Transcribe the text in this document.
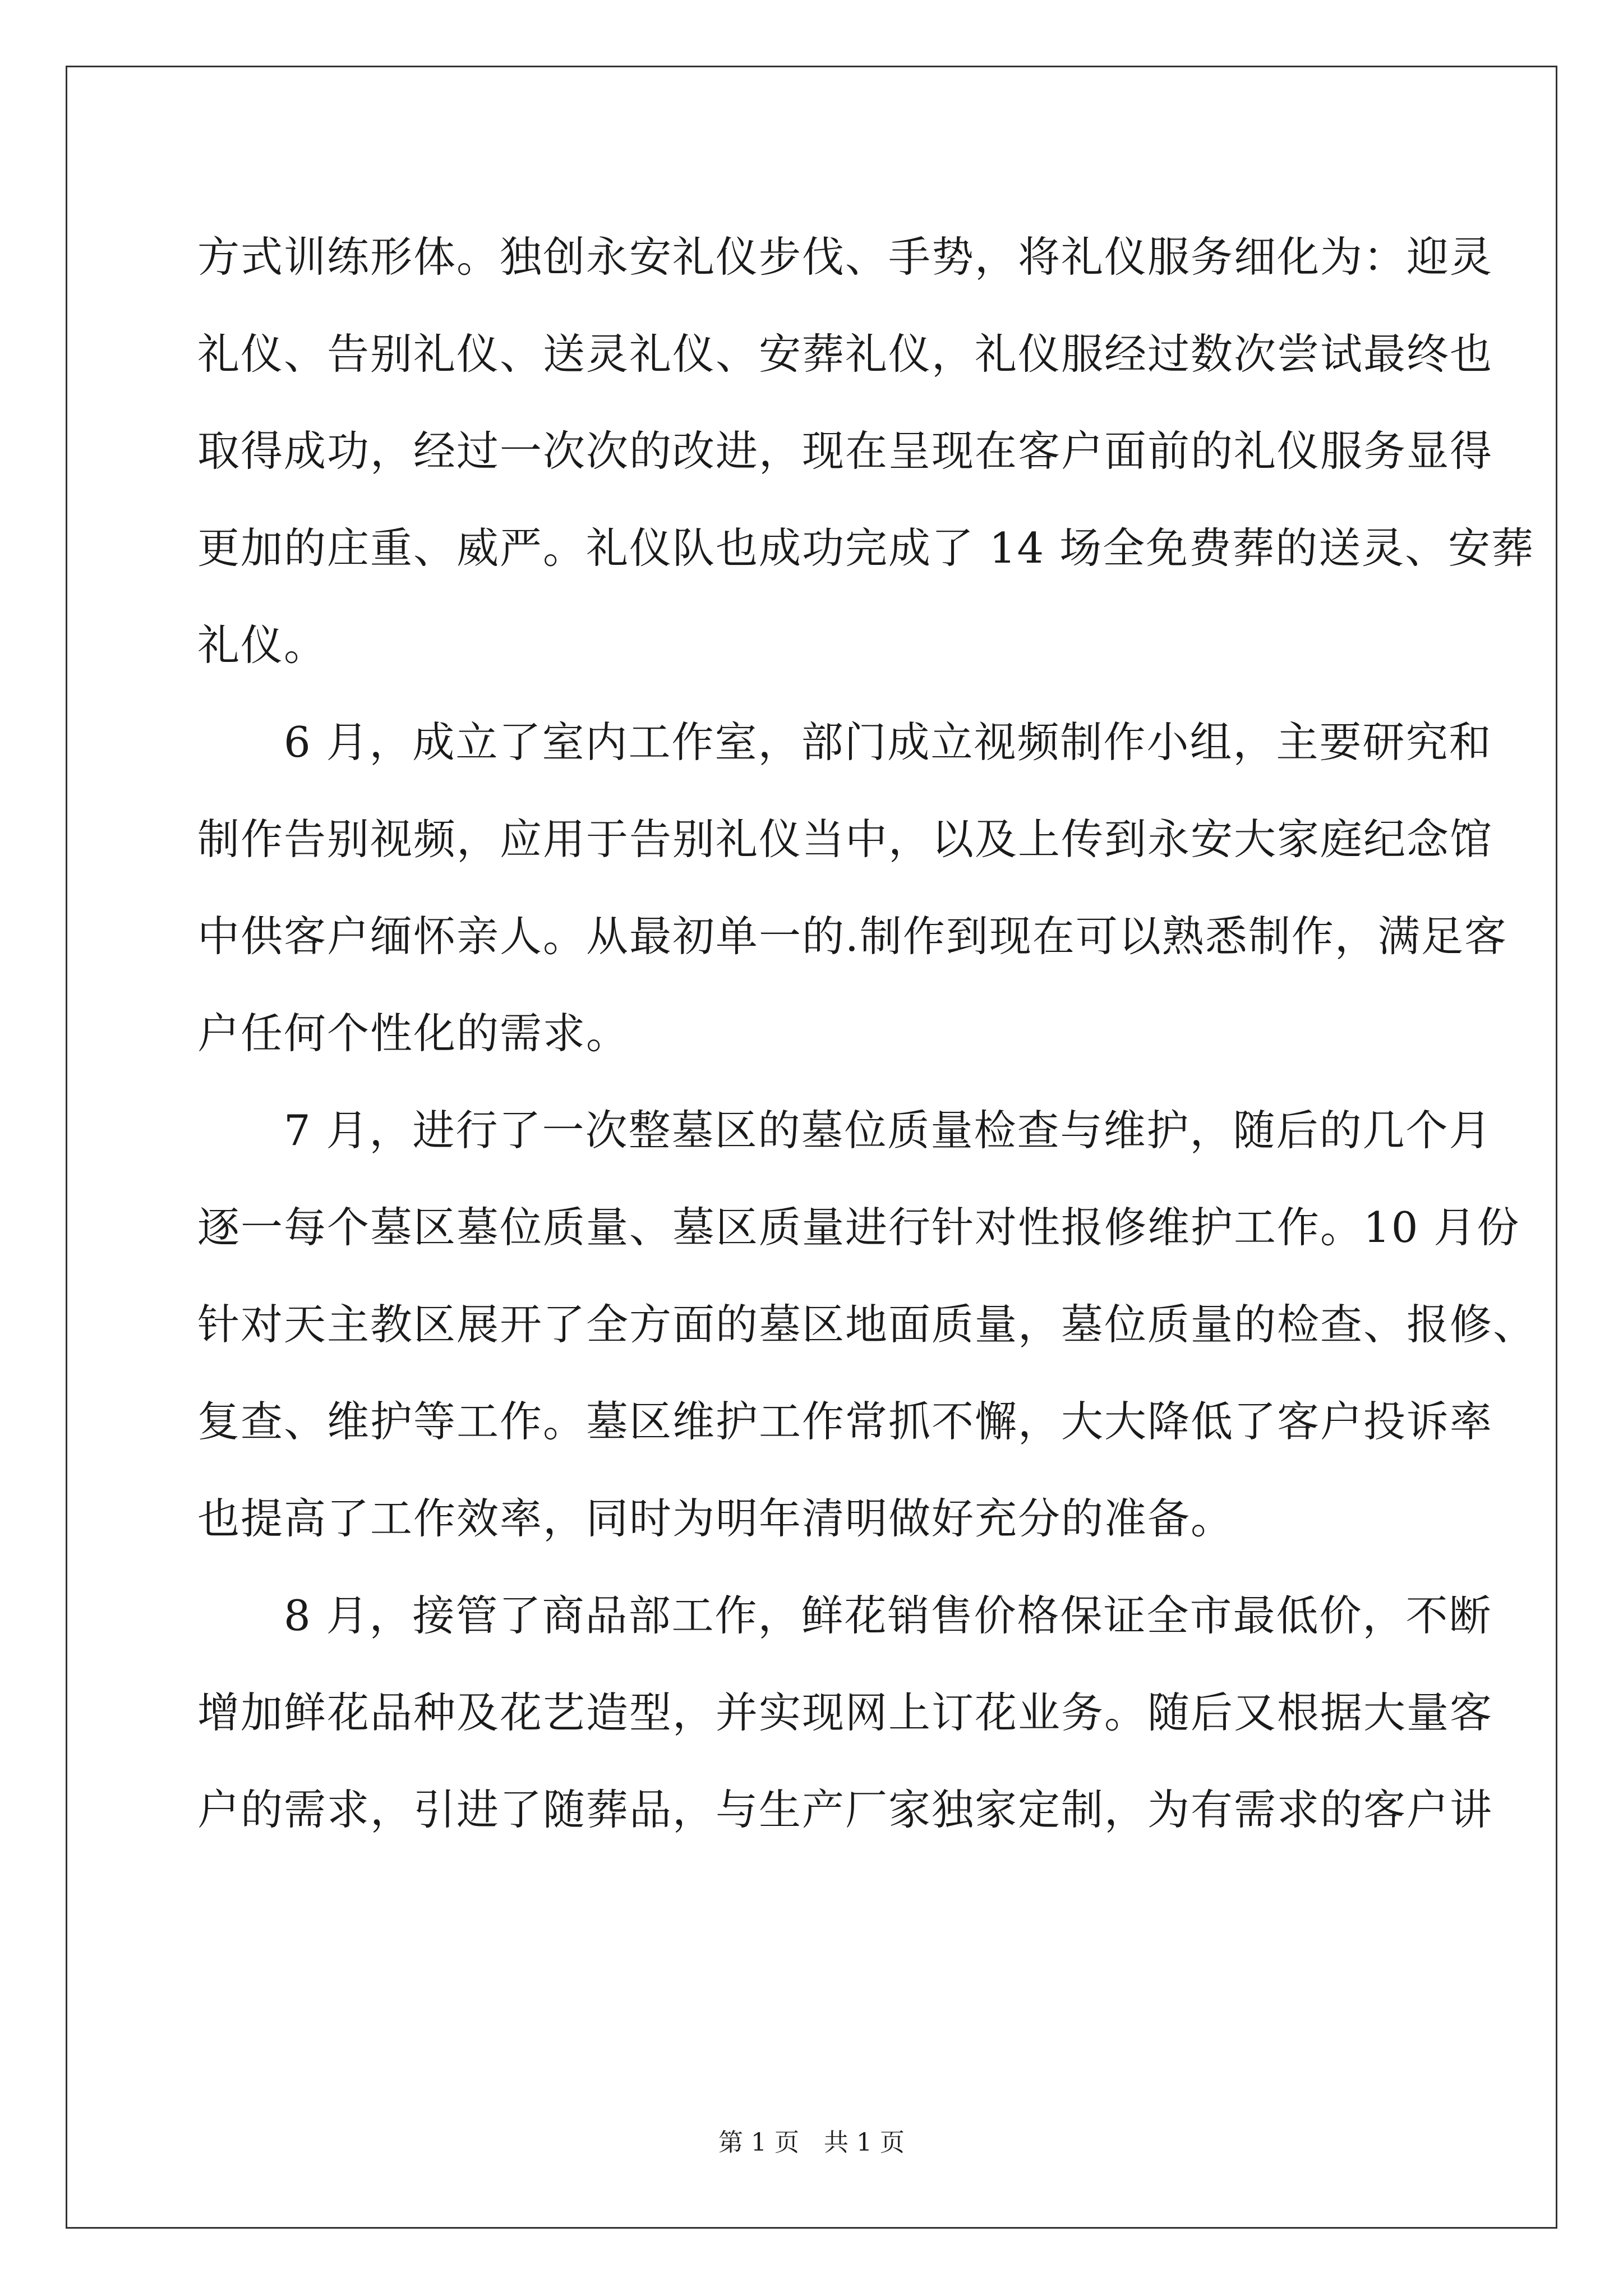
方式训练形体。独创永安礼仪步伐、手势，将礼仪服务细化为：迎灵
礼仪、告别礼仪、送灵礼仪、安葬礼仪，礼仪服经过数次尝试最终也
取得成功，经过一次次的改进，现在呈现在客户面前的礼仪服务显得
更加的庄重、威严。礼仪队也成功完成了 14 场全免费葬的送灵、安葬
礼仪。
　　6 月，成立了室内工作室，部门成立视频制作小组，主要研究和
制作告别视频，应用于告别礼仪当中，以及上传到永安大家庭纪念馆
中供客户缅怀亲人。从最初单一的.制作到现在可以熟悉制作，满足客
户任何个性化的需求。
　　7 月，进行了一次整墓区的墓位质量检查与维护，随后的几个月
逐一每个墓区墓位质量、墓区质量进行针对性报修维护工作。10 月份
针对天主教区展开了全方面的墓区地面质量，墓位质量的检查、报修、
复查、维护等工作。墓区维护工作常抓不懈，大大降低了客户投诉率
也提高了工作效率，同时为明年清明做好充分的准备。
　　8 月，接管了商品部工作，鲜花销售价格保证全市最低价，不断
增加鲜花品种及花艺造型，并实现网上订花业务。随后又根据大量客
户的需求，引进了随葬品，与生产厂家独家定制，为有需求的客户讲
第 1 页　共 1 页
